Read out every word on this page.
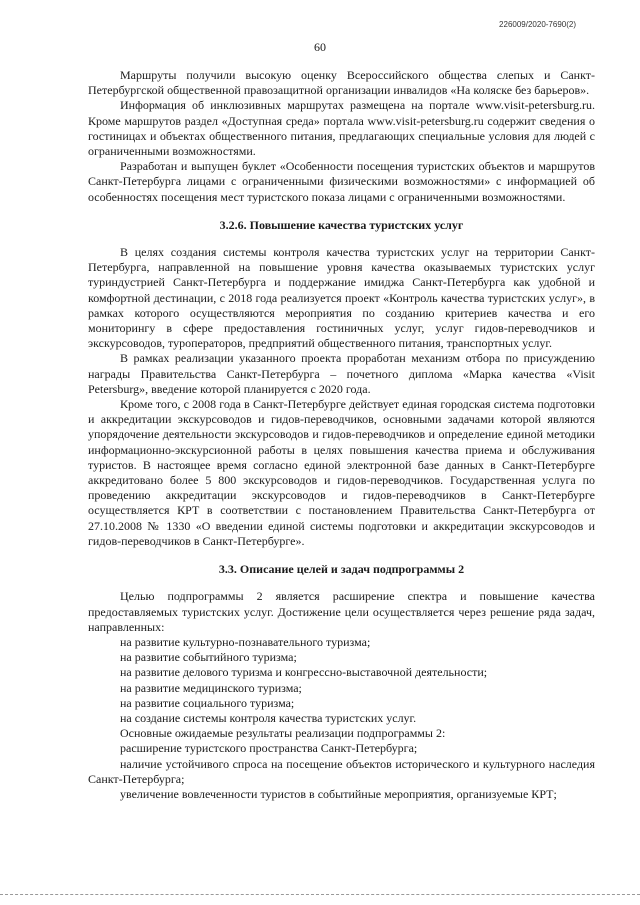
226009/2020-7690(2)
60

Маршруты получили высокую оценку Всероссийского общества слепых и Санкт-Петербургской общественной правозащитной организации инвалидов «На коляске без барьеров».

Информация об инклюзивных маршрутах размещена на портале www.visit-petersburg.ru. Кроме маршрутов раздел «Доступная среда» портала www.visit-petersburg.ru содержит сведения о гостиницах и объектах общественного питания, предлагающих специальные условия для людей с ограниченными возможностями.

Разработан и выпущен буклет «Особенности посещения туристских объектов и маршрутов Санкт-Петербурга лицами с ограниченными физическими возможностями» с информацией об особенностях посещения мест туристского показа лицами с ограниченными возможностями.

3.2.6. Повышение качества туристских услуг

В целях создания системы контроля качества туристских услуг на территории Санкт-Петербурга, направленной на повышение уровня качества оказываемых туристских услуг туриндустрией Санкт-Петербурга и поддержание имиджа Санкт-Петербурга как удобной и комфортной дестинации, с 2018 года реализуется проект «Контроль качества туристских услуг», в рамках которого осуществляются мероприятия по созданию критериев качества и его мониторингу в сфере предоставления гостиничных услуг, услуг гидов-переводчиков и экскурсоводов, туроператоров, предприятий общественного питания, транспортных услуг.

В рамках реализации указанного проекта проработан механизм отбора по присуждению награды Правительства Санкт-Петербурга – почетного диплома «Марка качества «Visit Petersburg», введение которой планируется с 2020 года.

Кроме того, с 2008 года в Санкт-Петербурге действует единая городская система подготовки и аккредитации экскурсоводов и гидов-переводчиков, основными задачами которой являются упорядочение деятельности экскурсоводов и гидов-переводчиков и определение единой методики информационно-экскурсионной работы в целях повышения качества приема и обслуживания туристов. В настоящее время согласно единой электронной базе данных в Санкт-Петербурге аккредитовано более 5 800 экскурсоводов и гидов-переводчиков. Государственная услуга по проведению аккредитации экскурсоводов и гидов-переводчиков в Санкт-Петербурге осуществляется КРТ в соответствии с постановлением Правительства Санкт-Петербурга от 27.10.2008 № 1330 «О введении единой системы подготовки и аккредитации экскурсоводов и гидов-переводчиков в Санкт-Петербурге».

3.3. Описание целей и задач подпрограммы 2

Целью подпрограммы 2 является расширение спектра и повышение качества предоставляемых туристских услуг. Достижение цели осуществляется через решение ряда задач, направленных:

на развитие культурно-познавательного туризма;

на развитие событийного туризма;

на развитие делового туризма и конгрессно-выставочной деятельности;

на развитие медицинского туризма;

на развитие социального туризма;

на создание системы контроля качества туристских услуг.

Основные ожидаемые результаты реализации подпрограммы 2:

расширение туристского пространства Санкт-Петербурга;

наличие устойчивого спроса на посещение объектов исторического и культурного наследия Санкт-Петербурга;

увеличение вовлеченности туристов в событийные мероприятия, организуемые КРТ;
